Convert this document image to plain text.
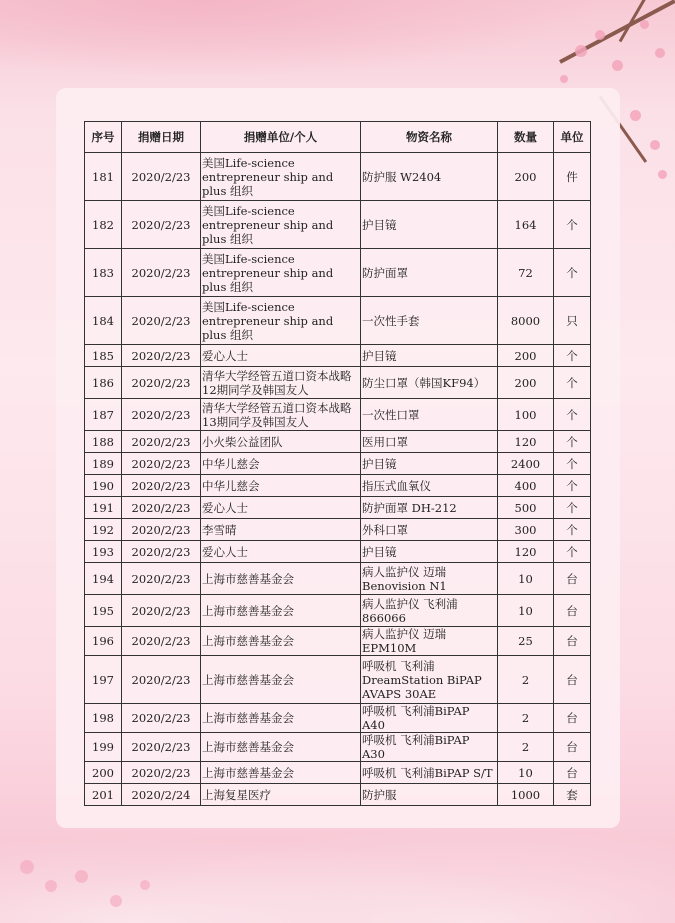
序号	捐赠日期	捐赠单位/个人	物资名称	数量	单位
181	2020/2/23	美国Life-science entrepreneur ship and plus 组织	防护服 W2404	200	件
182	2020/2/23	美国Life-science entrepreneur ship and plus 组织	护目镜	164	个
183	2020/2/23	美国Life-science entrepreneur ship and plus 组织	防护面罩	72	个
184	2020/2/23	美国Life-science entrepreneur ship and plus 组织	一次性手套	8000	只
185	2020/2/23	爱心人士	护目镜	200	个
186	2020/2/23	清华大学经管五道口资本战略12期同学及韩国友人	防尘口罩（韩国KF94）	200	个
187	2020/2/23	清华大学经管五道口资本战略13期同学及韩国友人	一次性口罩	100	个
188	2020/2/23	小火柴公益团队	医用口罩	120	个
189	2020/2/23	中华儿慈会	护目镜	2400	个
190	2020/2/23	中华儿慈会	指压式血氧仪	400	个
191	2020/2/23	爱心人士	防护面罩 DH-212	500	个
192	2020/2/23	李雪晴	外科口罩	300	个
193	2020/2/23	爱心人士	护目镜	120	个
194	2020/2/23	上海市慈善基金会	病人监护仪 迈瑞 Benovision N1	10	台
195	2020/2/23	上海市慈善基金会	病人监护仪 飞利浦 866066	10	台
196	2020/2/23	上海市慈善基金会	病人监护仪 迈瑞 EPM10M	25	台
197	2020/2/23	上海市慈善基金会	呼吸机 飞利浦 DreamStation BiPAP AVAPS 30AE	2	台
198	2020/2/23	上海市慈善基金会	呼吸机 飞利浦BiPAP A40	2	台
199	2020/2/23	上海市慈善基金会	呼吸机 飞利浦BiPAP A30	2	台
200	2020/2/23	上海市慈善基金会	呼吸机 飞利浦BiPAP S/T	10	台
201	2020/2/24	上海复星医疗	防护服	1000	套
